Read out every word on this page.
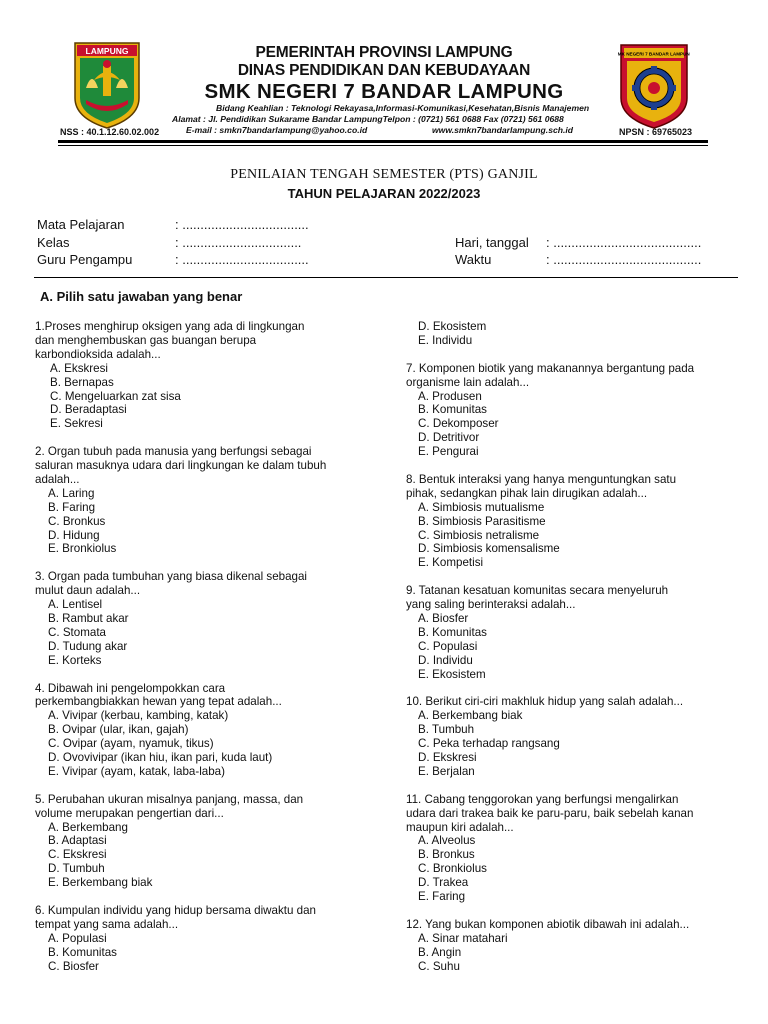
LAMPUNG
NSS : 40.1.12.60.02.002
PEMERINTAH PROVINSI LAMPUNG
DINAS PENDIDIKAN DAN KEBUDAYAAN
SMK NEGERI 7 BANDAR LAMPUNG
Bidang Keahlian : Teknologi Rekayasa,Informasi-Komunikasi,Kesehatan,Bisnis Manajemen
Alamat : Jl. Pendidikan Sukarame Bandar LampungTelpon : (0721) 561 0688 Fax (0721) 561 0688
E-mail : smkn7bandarlampung@yahoo.co.id	www.smkn7bandarlampung.sch.id
SMK NEGERI 7 BANDAR LAMPUNG
NPSN : 69765023
PENILAIAN TENGAH SEMESTER (PTS) GANJIL
TAHUN PELAJARAN 2022/2023
Mata Pelajaran	: ...................................
Kelas	: .................................
Guru Pengampu	: ...................................
Hari, tanggal : .........................................
Waktu	: .........................................
A. Pilih satu jawaban yang benar
1.Proses menghirup oksigen yang ada di lingkungan
dan menghembuskan gas buangan berupa
karbondioksida adalah...
A. Ekskresi
B. Bernapas
C. Mengeluarkan zat sisa
D. Beradaptasi
E. Sekresi
2. Organ tubuh pada manusia yang berfungsi sebagai
saluran masuknya udara dari lingkungan ke dalam tubuh
adalah...
A. Laring
B. Faring
C. Bronkus
D. Hidung
E. Bronkiolus
3. Organ pada tumbuhan yang biasa dikenal sebagai
mulut daun adalah...
A. Lentisel
B. Rambut akar
C. Stomata
D. Tudung akar
E. Korteks
4. Dibawah ini pengelompokkan cara
perkembangbiakkan hewan yang tepat adalah...
A. Vivipar (kerbau, kambing, katak)
B. Ovipar (ular, ikan, gajah)
C. Ovipar (ayam, nyamuk, tikus)
D. Ovovivipar (ikan hiu, ikan pari, kuda laut)
E. Vivipar (ayam, katak, laba-laba)
5. Perubahan ukuran misalnya panjang, massa, dan
volume merupakan pengertian dari...
A. Berkembang
B. Adaptasi
C. Ekskresi
D. Tumbuh
E. Berkembang biak
6. Kumpulan individu yang hidup bersama diwaktu dan
tempat yang sama adalah...
A. Populasi
B. Komunitas
C. Biosfer
D. Ekosistem
E. Individu
7. Komponen biotik yang makanannya bergantung pada
organisme lain adalah...
A. Produsen
B. Komunitas
C. Dekomposer
D. Detritivor
E. Pengurai
8. Bentuk interaksi yang hanya menguntungkan satu
pihak, sedangkan pihak lain dirugikan adalah...
A. Simbiosis mutualisme
B. Simbiosis Parasitisme
C. Simbiosis netralisme
D. Simbiosis komensalisme
E. Kompetisi
9. Tatanan kesatuan komunitas secara menyeluruh
yang saling berinteraksi adalah...
A. Biosfer
B. Komunitas
C. Populasi
D. Individu
E. Ekosistem
10. Berikut ciri-ciri makhluk hidup yang salah adalah...
A. Berkembang biak
B. Tumbuh
C. Peka terhadap rangsang
D. Ekskresi
E. Berjalan
11. Cabang tenggorokan yang berfungsi mengalirkan
udara dari trakea baik ke paru-paru, baik sebelah kanan
maupun kiri adalah...
A. Alveolus
B. Bronkus
C. Bronkiolus
D. Trakea
E. Faring
12. Yang bukan komponen abiotik dibawah ini adalah...
A. Sinar matahari
B. Angin
C. Suhu
